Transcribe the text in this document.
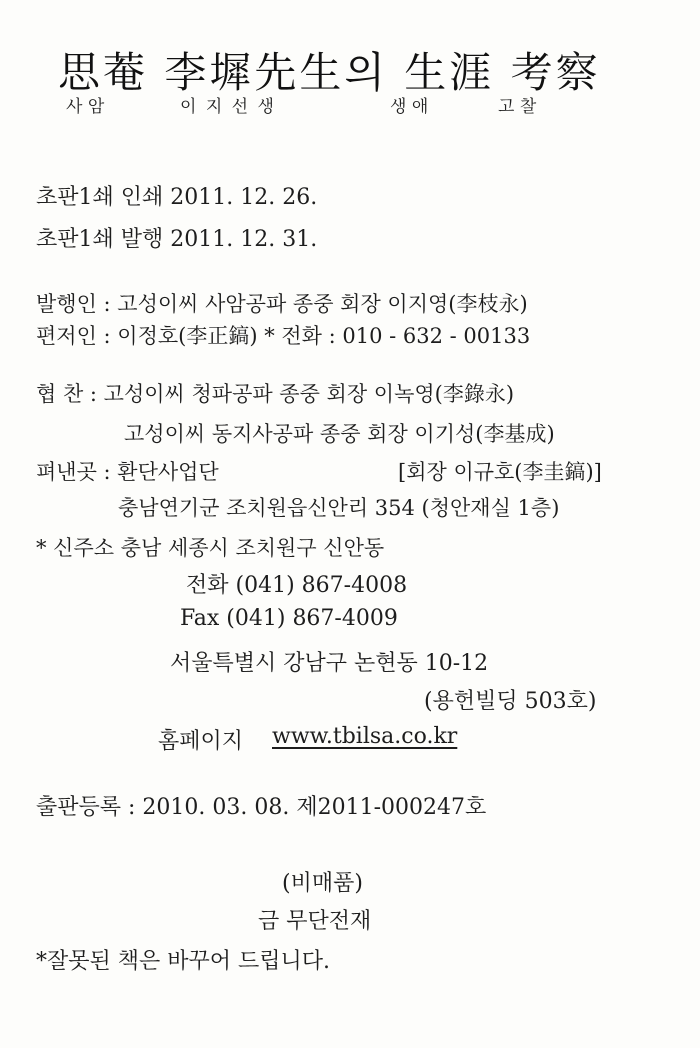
思菴 李墀先生의 生涯 考察
사 암	이 지 선 생	생 애	고 찰
초판1쇄 인쇄 2011. 12. 26.
초판1쇄 발행 2011. 12. 31.
발행인 : 고성이씨 사암공파 종중 회장 이지영(李枝永)
편저인 : 이정호(李正鎬) * 전화 : 010 - 632 - 00133
협 찬 : 고성이씨 청파공파 종중 회장 이녹영(李錄永)
고성이씨 동지사공파 종중 회장 이기성(李基成)
펴낸곳 : 환단사업단	[회장 이규호(李圭鎬)]
충남연기군 조치원읍신안리 354 (청안재실 1층)
* 신주소 충남 세종시 조치원구 신안동
전화 (041) 867-4008
Fax (041) 867-4009
서울특별시 강남구 논현동 10-12
(용헌빌딩 503호)
홈페이지 www.tbilsa.co.kr
출판등록 : 2010. 03. 08. 제2011-000247호
(비매품)
금 무단전재
*잘못된 책은 바꾸어 드립니다.
